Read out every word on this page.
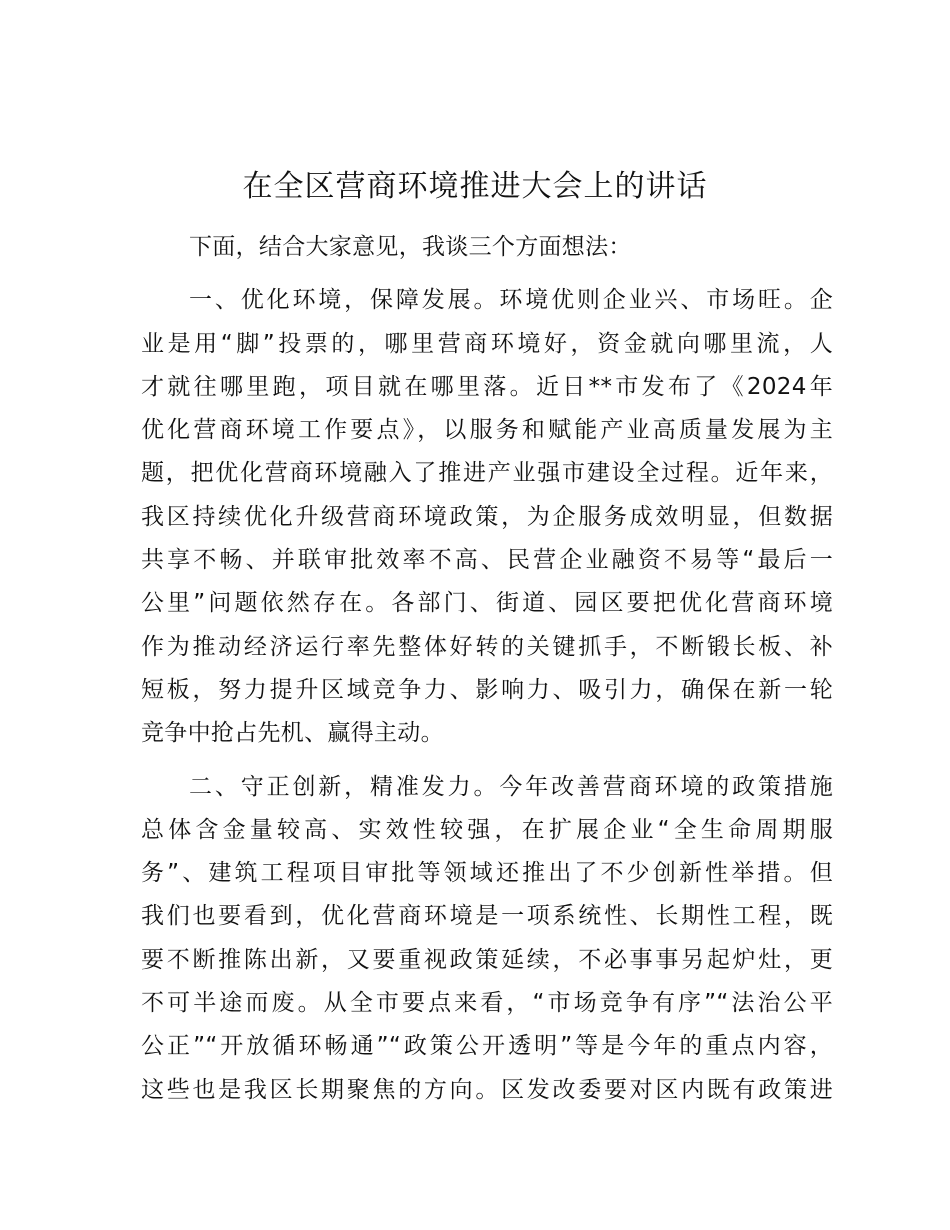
在全区营商环境推进大会上的讲话

下面，结合大家意见，我谈三个方面想法：

一、优化环境，保障发展。环境优则企业兴、市场旺。企
业是用“脚”投票的，哪里营商环境好，资金就向哪里流，人
才就往哪里跑，项目就在哪里落。近日**市发布了《2024年
优化营商环境工作要点》，以服务和赋能产业高质量发展为主
题，把优化营商环境融入了推进产业强市建设全过程。近年来，
我区持续优化升级营商环境政策，为企服务成效明显，但数据
共享不畅、并联审批效率不高、民营企业融资不易等“最后一
公里”问题依然存在。各部门、街道、园区要把优化营商环境
作为推动经济运行率先整体好转的关键抓手，不断锻长板、补
短板，努力提升区域竞争力、影响力、吸引力，确保在新一轮
竞争中抢占先机、赢得主动。

二、守正创新，精准发力。今年改善营商环境的政策措施
总体含金量较高、实效性较强，在扩展企业“全生命周期服
务”、建筑工程项目审批等领域还推出了不少创新性举措。但
我们也要看到，优化营商环境是一项系统性、长期性工程，既
要不断推陈出新，又要重视政策延续，不必事事另起炉灶，更
不可半途而废。从全市要点来看，“市场竞争有序”“法治公平
公正”“开放循环畅通”“政策公开透明”等是今年的重点内容，
这些也是我区长期聚焦的方向。区发改委要对区内既有政策进
